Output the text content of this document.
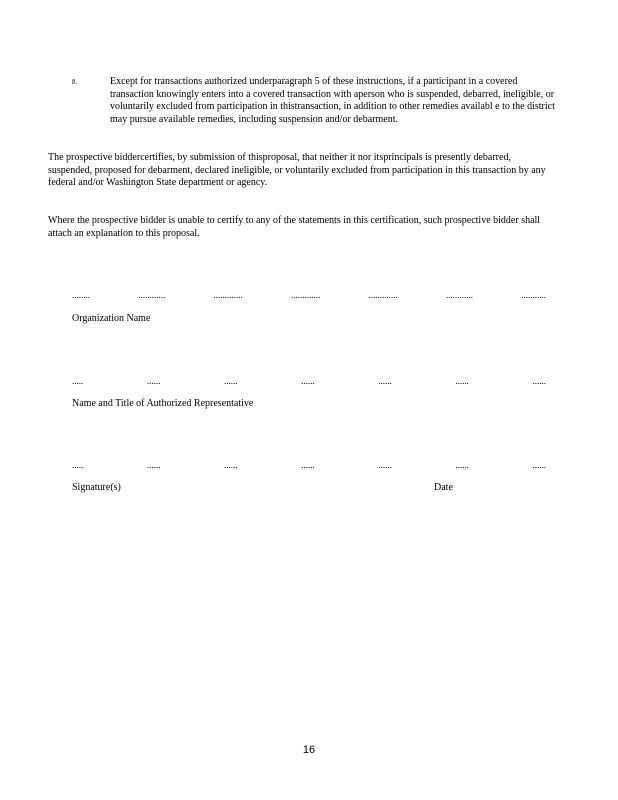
8.	Except for transactions authorized underparagraph 5 of these instructions, if a participant in a covered transaction knowingly enters into a covered transaction with aperson who is suspended, debarred, ineligible, or voluntarily excluded from participation in thistransaction, in addition to other remedies availabl e to the district may pursue available remedies, including suspension and/or debarment.
The prospective biddercertifies, by submission of thisproposal, that neither it nor itsprincipals is presently debarred, suspended, proposed for debarment, declared ineligible, or voluntarily excluded from participation in this transaction by any federal and/or Washington State department or agency.
Where the prospective bidder is unable to certify to any of the statements in this certification, such prospective bidder shall attach an explanation to this proposal.
........	............	.............	.............	.............	............	...........
Organization Name
.....	......	......	......	......	......	......
Name and Title of Authorized Representative
.....	......	......	......	......	......	......
Signature(s)	Date
16
